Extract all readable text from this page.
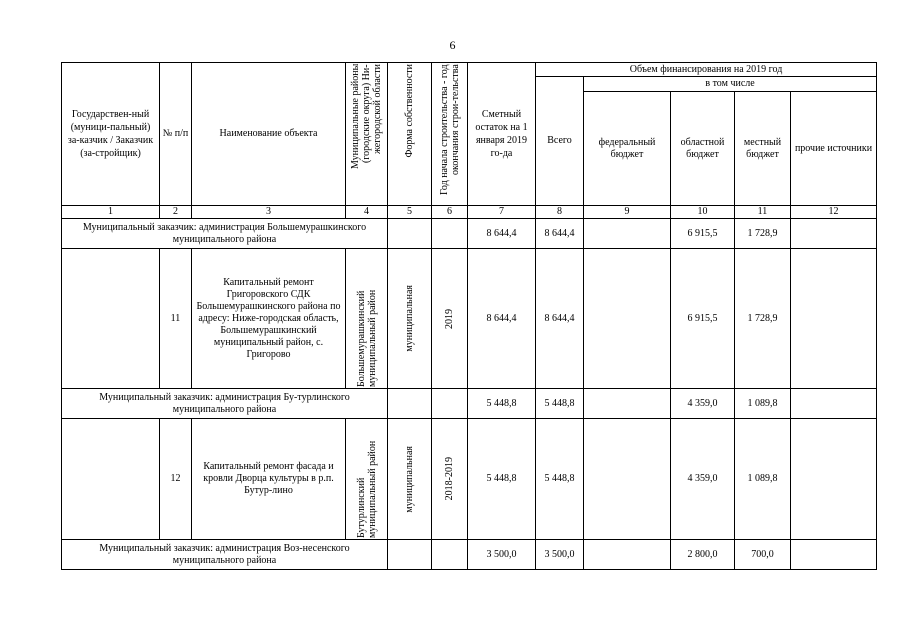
6
Государствен-ный (муници-пальный) за-казчик / Заказчик (за-стройщик)	№ п/п	Наименование объекта	Муниципальные районы (городские округа) Ни-жегородской области	Форма собственности	Год начала строительства - год окончания строи-тельства	Сметный остаток на 1 января 2019 го-да	Объем финансирования на 2019 год				
							Всего	в том числе			
								федеральный бюджет	областной бюджет	местный бюджет	прочие источники
1	2	3	4	5	6	7	8	9	10	11	12
Муниципальный заказчик: администрация Большемурашкинского муниципального района						8 644,4	8 644,4		6 915,5	1 728,9	
	11	Капитальный ремонт Григоровского СДК Большемурашкинского района по адресу: Ниже-городская область, Большемурашкинский муниципальный район, с. Григорово	Большемурашкинский муниципальный район	муниципальная	2019	8 644,4	8 644,4		6 915,5	1 728,9	
Муниципальный заказчик: администрация Бу-турлинского муниципального района						5 448,8	5 448,8		4 359,0	1 089,8	
	12	Капитальный ремонт фасада и кровли Дворца культуры в р.п. Бутур-лино	Бутурлинский муниципальный район	муниципальная	2018-2019	5 448,8	5 448,8		4 359,0	1 089,8	
Муниципальный заказчик: администрация Воз-несенского муниципального района						3 500,0	3 500,0		2 800,0	700,0	
